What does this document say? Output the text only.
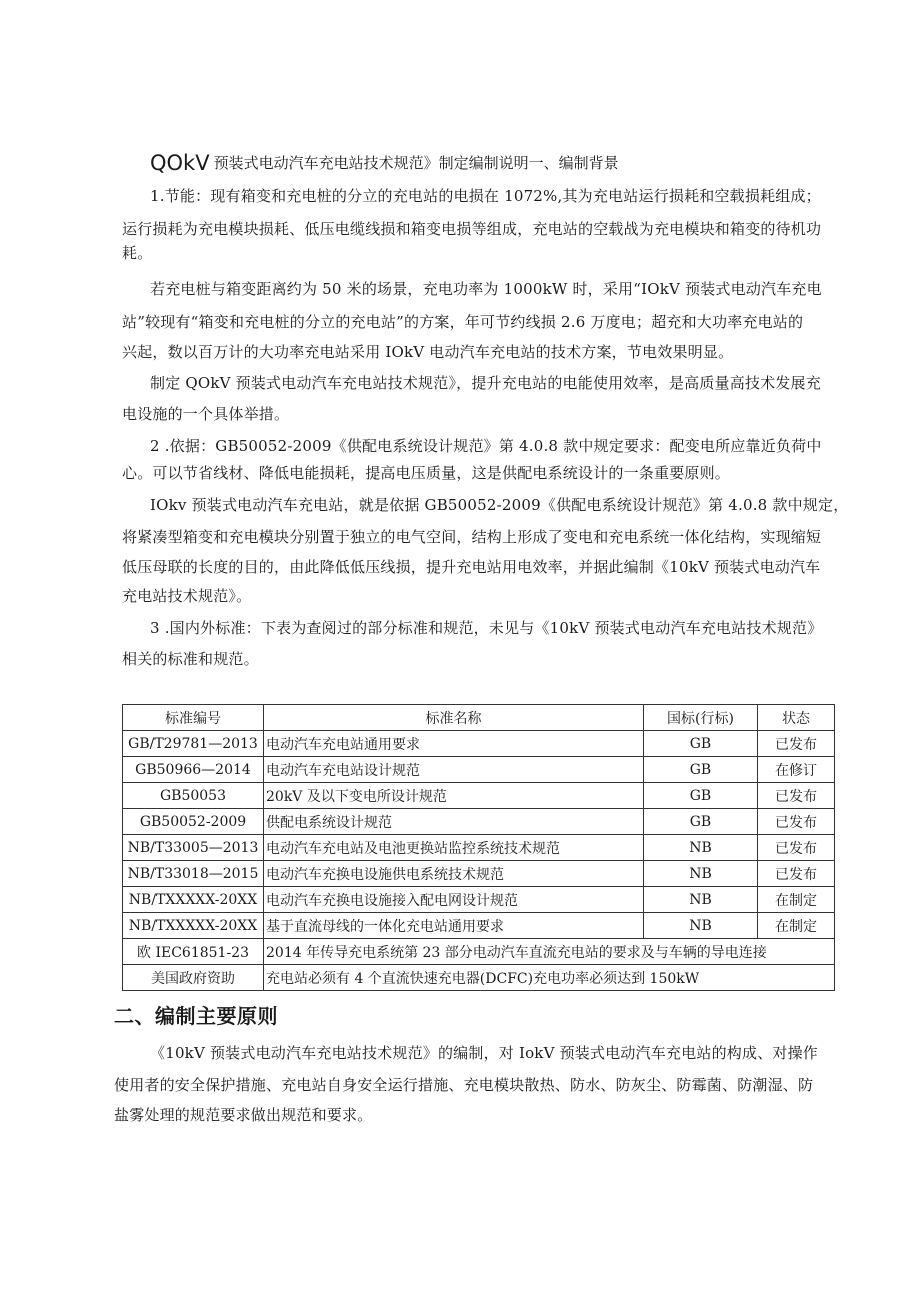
QOkV 预装式电动汽车充电站技术规范》制定编制说明一、编制背景
1.节能：现有箱变和充电桩的分立的充电站的电损在 1072%,其为充电站运行损耗和空载损耗组成；
运行损耗为充电模块损耗、低压电缆线损和箱变电损等组成，充电站的空载战为充电模块和箱变的待机功
耗。
若充电桩与箱变距离约为 50 米的场景，充电功率为 1000kW 时，采用“IOkV 预装式电动汽车充电
站”较现有“箱变和充电桩的分立的充电站”的方案，年可节约线损 2.6 万度电；超充和大功率充电站的
兴起，数以百万计的大功率充电站采用 IOkV 电动汽车充电站的技术方案，节电效果明显。
制定 QOkV 预装式电动汽车充电站技术规范》，提升充电站的电能使用效率，是高质量高技术发展充
电设施的一个具体举措。
2 .依据：GB50052-2009《供配电系统设计规范》第 4.0.8 款中规定要求：配变电所应靠近负荷中
心。可以节省线材、降低电能损耗，提高电压质量，这是供配电系统设计的一条重要原则。
IOkv 预装式电动汽车充电站，就是依据 GB50052-2009《供配电系统设计规范》第 4.0.8 款中规定，
将紧凑型箱变和充电模块分别置于独立的电气空间，结构上形成了变电和充电系统一体化结构，实现缩短
低压母联的长度的目的，由此降低低压线损，提升充电站用电效率，并据此编制《10kV 预装式电动汽车
充电站技术规范》。
3 .国内外标准：下表为查阅过的部分标准和规范，未见与《10kV 预装式电动汽车充电站技术规范》
相关的标准和规范。
标准编号	标准名称	国标(行标)	状态
GB/T29781—2013	电动汽车充电站通用要求	GB	已发布
GB50966—2014	电动汽车充电站设计规范	GB	在修订
GB50053	20kV 及以下变电所设计规范	GB	已发布
GB50052-2009	供配电系统设计规范	GB	已发布
NB/T33005—2013	电动汽车充电站及电池更换站监控系统技术规范	NB	已发布
NB/T33018—2015	电动汽车充换电设施供电系统技术规范	NB	已发布
NB/TXXXXX-20XX	电动汽车充换电设施接入配电网设计规范	NB	在制定
NB/TXXXXX-20XX	基于直流母线的一体化充电站通用要求	NB	在制定
欧 IEC61851-23	2014 年传导充电系统第 23 部分电动汽车直流充电站的要求及与车辆的导电连接		
美国政府资助	充电站必须有 4 个直流快速充电器(DCFC)充电功率必须达到 150kW		
二、编制主要原则
《10kV 预装式电动汽车充电站技术规范》的编制，对 IokV 预装式电动汽车充电站的构成、对操作
使用者的安全保护措施、充电站自身安全运行措施、充电模块散热、防水、防灰尘、防霉菌、防潮湿、防
盐雾处理的规范要求做出规范和要求。
